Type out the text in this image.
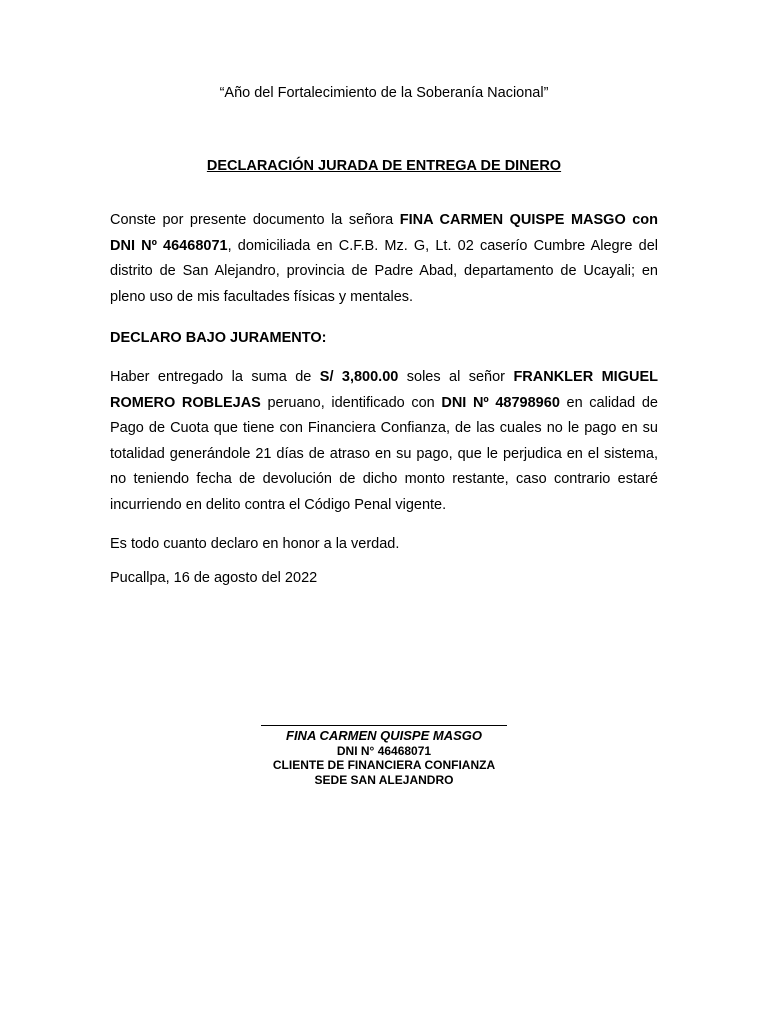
“Año del Fortalecimiento de la Soberanía Nacional”
DECLARACIÓN JURADA DE ENTREGA DE DINERO

Conste por presente documento la señora FINA CARMEN QUISPE MASGO con DNI Nº 46468071, domiciliada en C.F.B. Mz. G, Lt. 02 caserío Cumbre Alegre del distrito de San Alejandro, provincia de Padre Abad, departamento de Ucayali; en pleno uso de mis facultades físicas y mentales.

DECLARO BAJO JURAMENTO:

Haber entregado la suma de S/ 3,800.00 soles al señor FRANKLER MIGUEL ROMERO ROBLEJAS peruano, identificado con DNI Nº 48798960 en calidad de Pago de Cuota que tiene con Financiera Confianza, de las cuales no le pago en su totalidad generándole 21 días de atraso en su pago, que le perjudica en el sistema, no teniendo fecha de devolución de dicho monto restante, caso contrario estaré incurriendo en delito contra el Código Penal vigente.

Es todo cuanto declaro en honor a la verdad.
Pucallpa, 16 de agosto del 2022
FINA CARMEN QUISPE MASGO
DNI N° 46468071
CLIENTE DE FINANCIERA CONFIANZA
SEDE SAN ALEJANDRO
